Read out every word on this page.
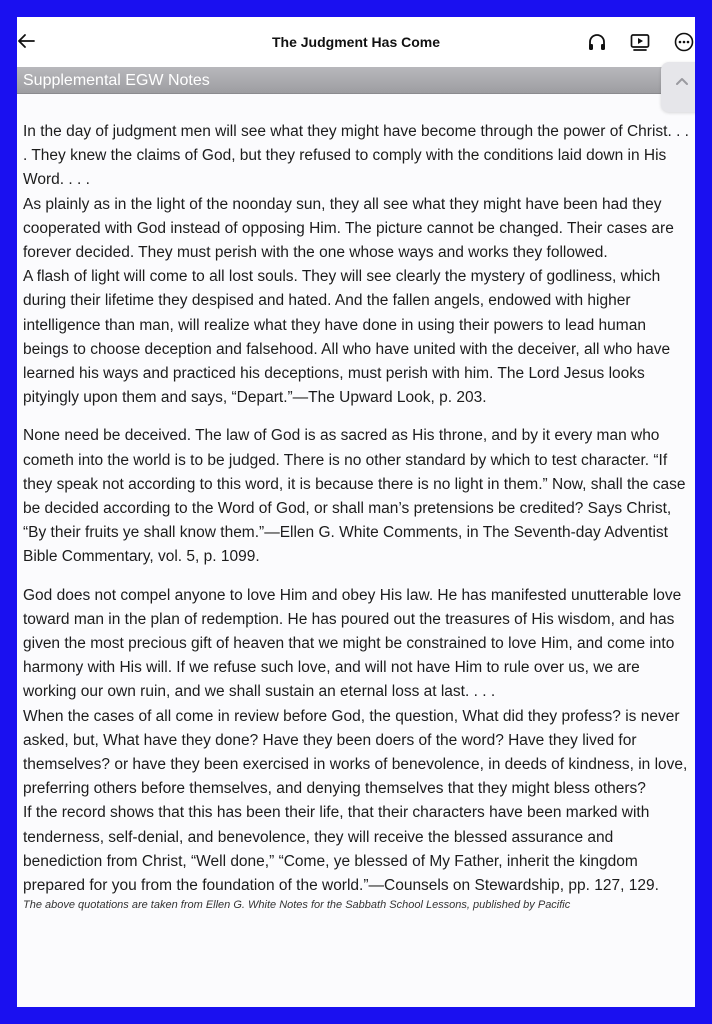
The Judgment Has Come
Supplemental EGW Notes

In the day of judgment men will see what they might have become through the power of Christ. . . . They knew the claims of God, but they refused to comply with the conditions laid down in His Word. . . .

As plainly as in the light of the noonday sun, they all see what they might have been had they cooperated with God instead of opposing Him. The picture cannot be changed. Their cases are forever decided. They must perish with the one whose ways and works they followed.

A flash of light will come to all lost souls. They will see clearly the mystery of godliness, which during their lifetime they despised and hated. And the fallen angels, endowed with higher intelligence than man, will realize what they have done in using their powers to lead human beings to choose deception and falsehood. All who have united with the deceiver, all who have learned his ways and practiced his deceptions, must perish with him. The Lord Jesus looks pityingly upon them and says, “Depart.”—The Upward Look, p. 203.

None need be deceived. The law of God is as sacred as His throne, and by it every man who cometh into the world is to be judged. There is no other standard by which to test character. “If they speak not according to this word, it is because there is no light in them.” Now, shall the case be decided according to the Word of God, or shall man’s pretensions be credited? Says Christ, “By their fruits ye shall know them.”—Ellen G. White Comments, in The Seventh-day Adventist Bible Commentary, vol. 5, p. 1099.

God does not compel anyone to love Him and obey His law. He has manifested unutterable love toward man in the plan of redemption. He has poured out the treasures of His wisdom, and has given the most precious gift of heaven that we might be constrained to love Him, and come into harmony with His will. If we refuse such love, and will not have Him to rule over us, we are working our own ruin, and we shall sustain an eternal loss at last. . . .

When the cases of all come in review before God, the question, What did they profess? is never asked, but, What have they done? Have they been doers of the word? Have they lived for themselves? or have they been exercised in works of benevolence, in deeds of kindness, in love, preferring others before themselves, and denying themselves that they might bless others?

If the record shows that this has been their life, that their characters have been marked with tenderness, self-denial, and benevolence, they will receive the blessed assurance and benediction from Christ, “Well done,” “Come, ye blessed of My Father, inherit the kingdom prepared for you from the foundation of the world.”—Counsels on Stewardship, pp. 127, 129.

The above quotations are taken from Ellen G. White Notes for the Sabbath School Lessons, published by Pacific
